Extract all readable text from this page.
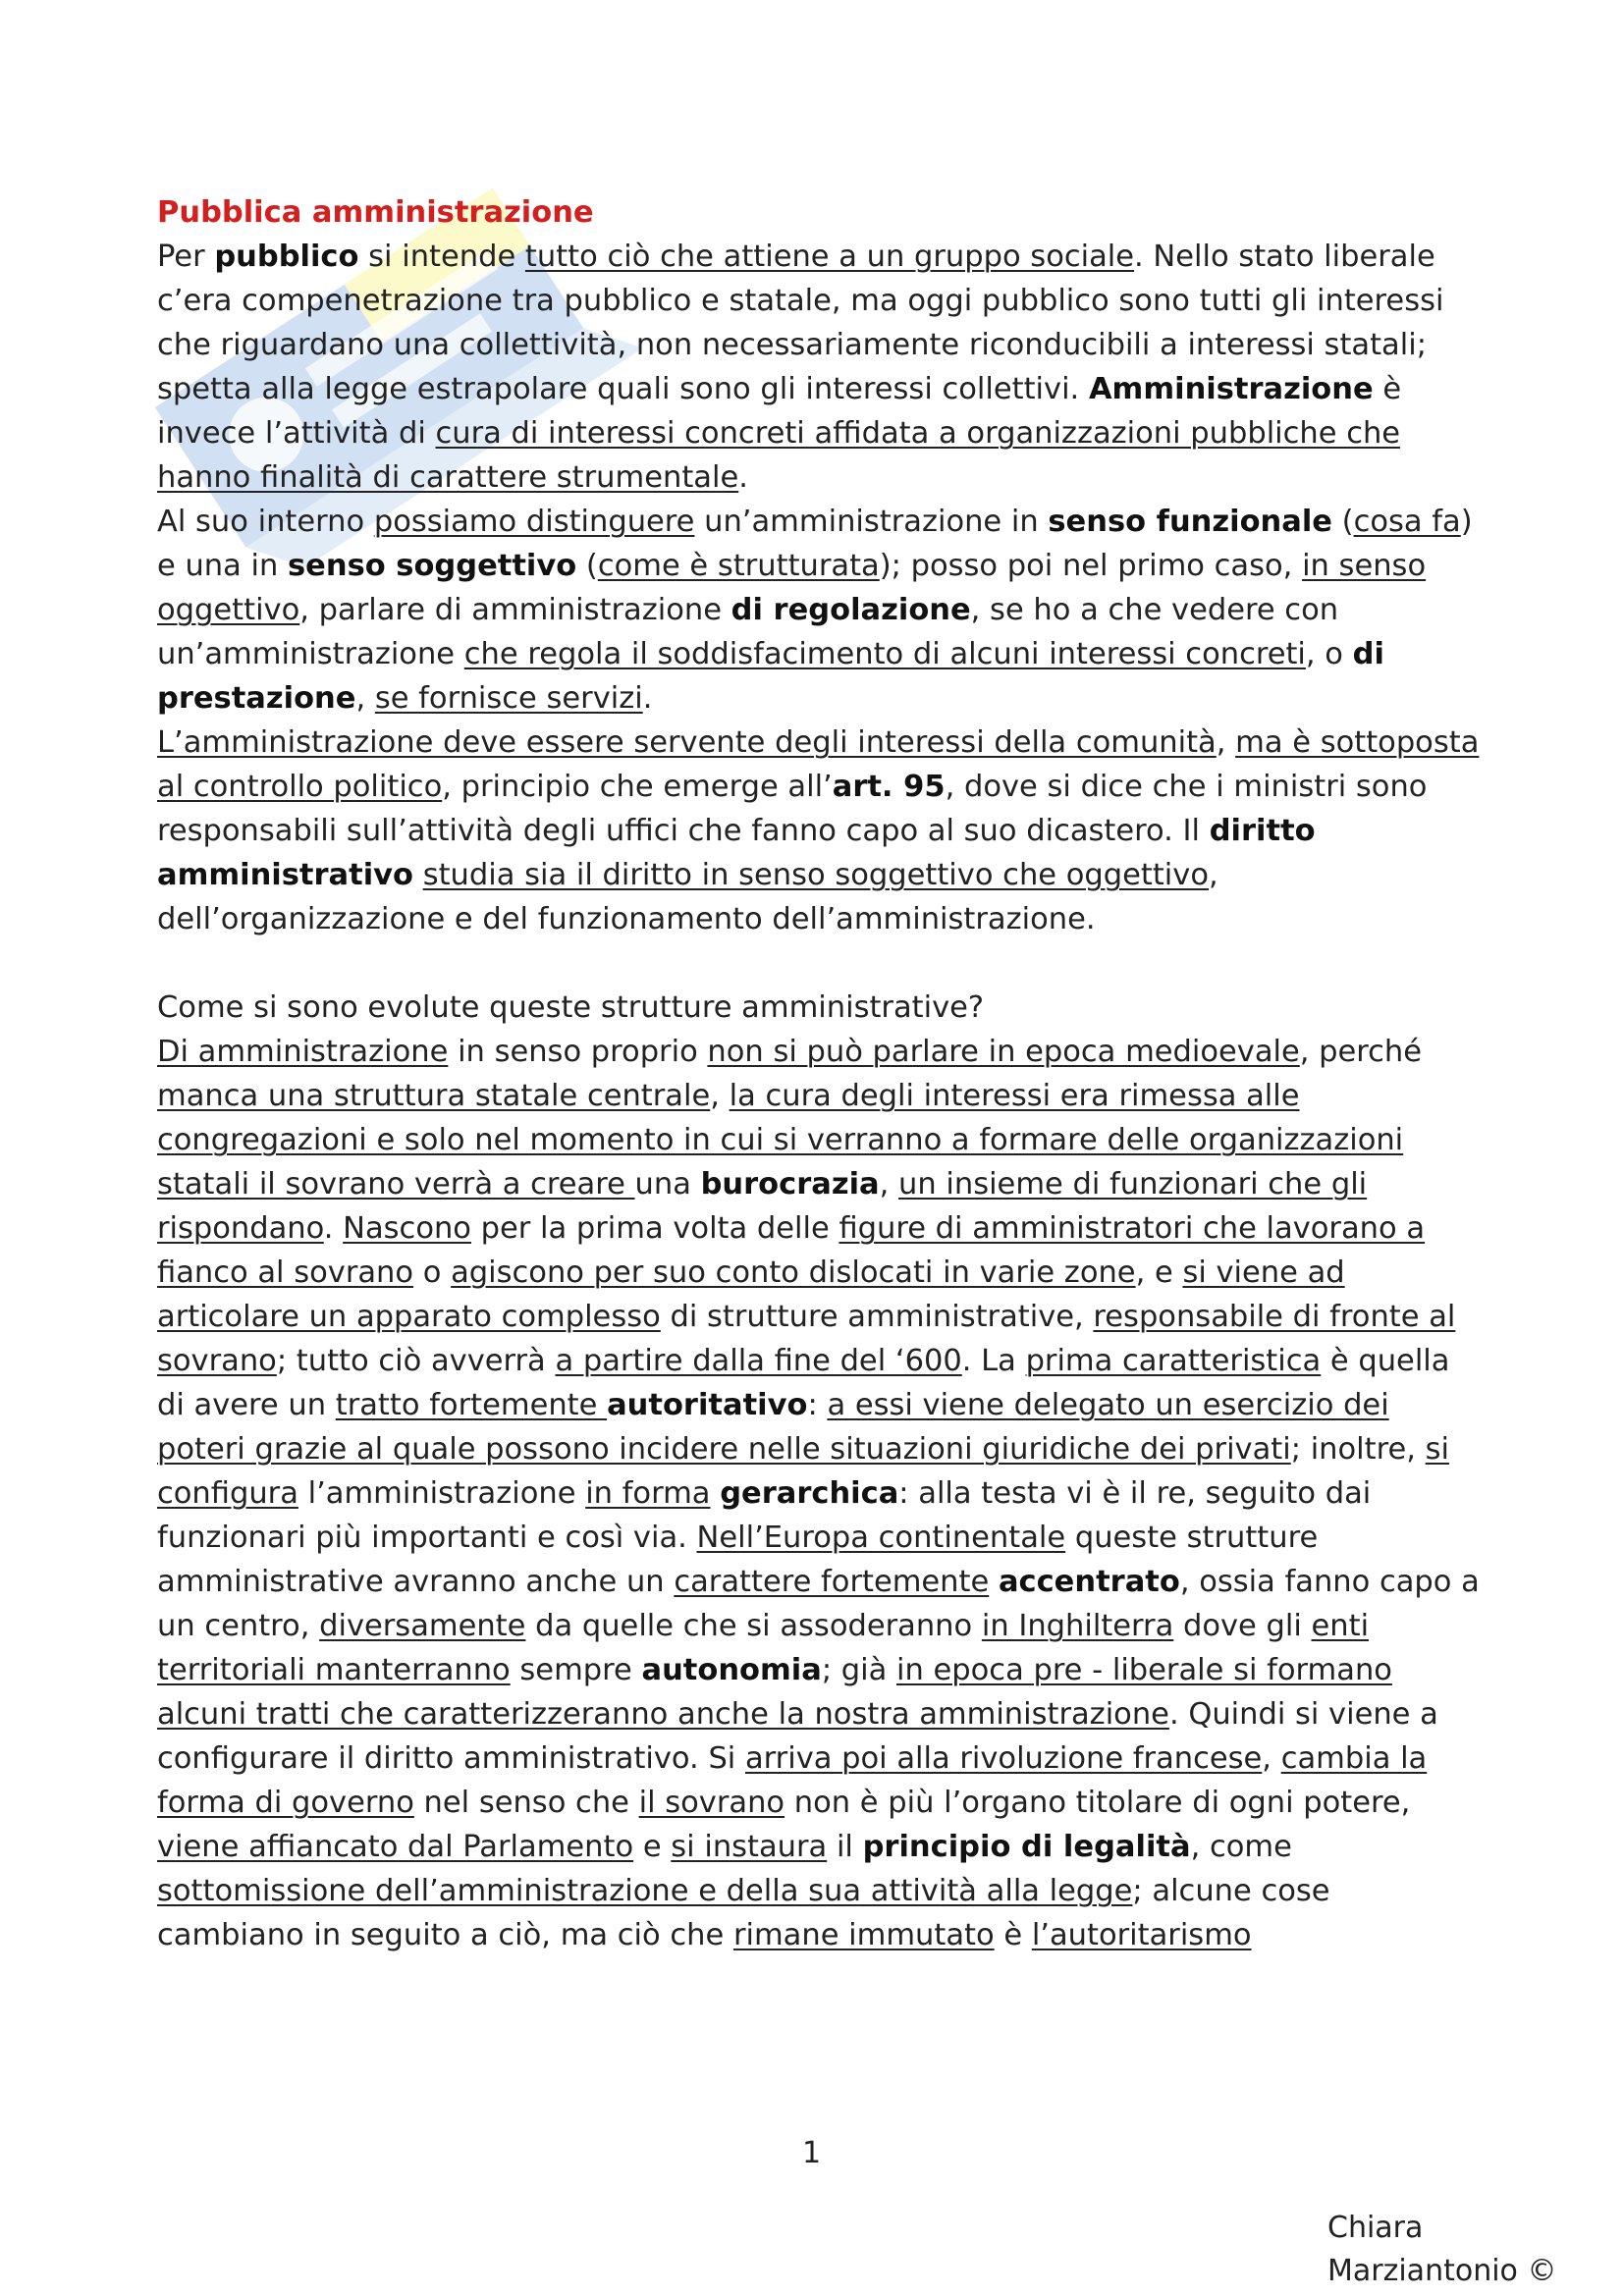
Pubblica amministrazione

Per pubblico si intende tutto ciò che attiene a un gruppo sociale. Nello stato liberale c’era compenetrazione tra pubblico e statale, ma oggi pubblico sono tutti gli interessi che riguardano una collettività, non necessariamente riconducibili a interessi statali; spetta alla legge estrapolare quali sono gli interessi collettivi. Amministrazione è invece l’attività di cura di interessi concreti affidata a organizzazioni pubbliche che hanno finalità di carattere strumentale.

Al suo interno possiamo distinguere un’amministrazione in senso funzionale (cosa fa) e una in senso soggettivo (come è strutturata); posso poi nel primo caso, in senso oggettivo, parlare di amministrazione di regolazione, se ho a che vedere con un’amministrazione che regola il soddisfacimento di alcuni interessi concreti, o di prestazione, se fornisce servizi.

L’amministrazione deve essere servente degli interessi della comunità, ma è sottoposta al controllo politico, principio che emerge all’art. 95, dove si dice che i ministri sono responsabili sull’attività degli uffici che fanno capo al suo dicastero. Il diritto amministrativo studia sia il diritto in senso soggettivo che oggettivo, dell’organizzazione e del funzionamento dell’amministrazione.

Come si sono evolute queste strutture amministrative?

Di amministrazione in senso proprio non si può parlare in epoca medioevale, perché manca una struttura statale centrale, la cura degli interessi era rimessa alle congregazioni e solo nel momento in cui si verranno a formare delle organizzazioni statali il sovrano verrà a creare una burocrazia, un insieme di funzionari che gli rispondano. Nascono per la prima volta delle figure di amministratori che lavorano a fianco al sovrano o agiscono per suo conto dislocati in varie zone, e si viene ad articolare un apparato complesso di strutture amministrative, responsabile di fronte al sovrano; tutto ciò avverrà a partire dalla fine del ‘600. La prima caratteristica è quella di avere un tratto fortemente autoritativo: a essi viene delegato un esercizio dei poteri grazie al quale possono incidere nelle situazioni giuridiche dei privati; inoltre, si configura l’amministrazione in forma gerarchica: alla testa vi è il re, seguito dai funzionari più importanti e così via. Nell’Europa continentale queste strutture amministrative avranno anche un carattere fortemente accentrato, ossia fanno capo a un centro, diversamente da quelle che si assoderanno in Inghilterra dove gli enti territoriali manterranno sempre autonomia; già in epoca pre - liberale si formano alcuni tratti che caratterizzeranno anche la nostra amministrazione. Quindi si viene a configurare il diritto amministrativo. Si arriva poi alla rivoluzione francese, cambia la forma di governo nel senso che il sovrano non è più l’organo titolare di ogni potere, viene affiancato dal Parlamento e si instaura il principio di legalità, come sottomissione dell’amministrazione e della sua attività alla legge; alcune cose cambiano in seguito a ciò, ma ciò che rimane immutato è l’autoritarismo

1
Chiara Marziantonio ©
